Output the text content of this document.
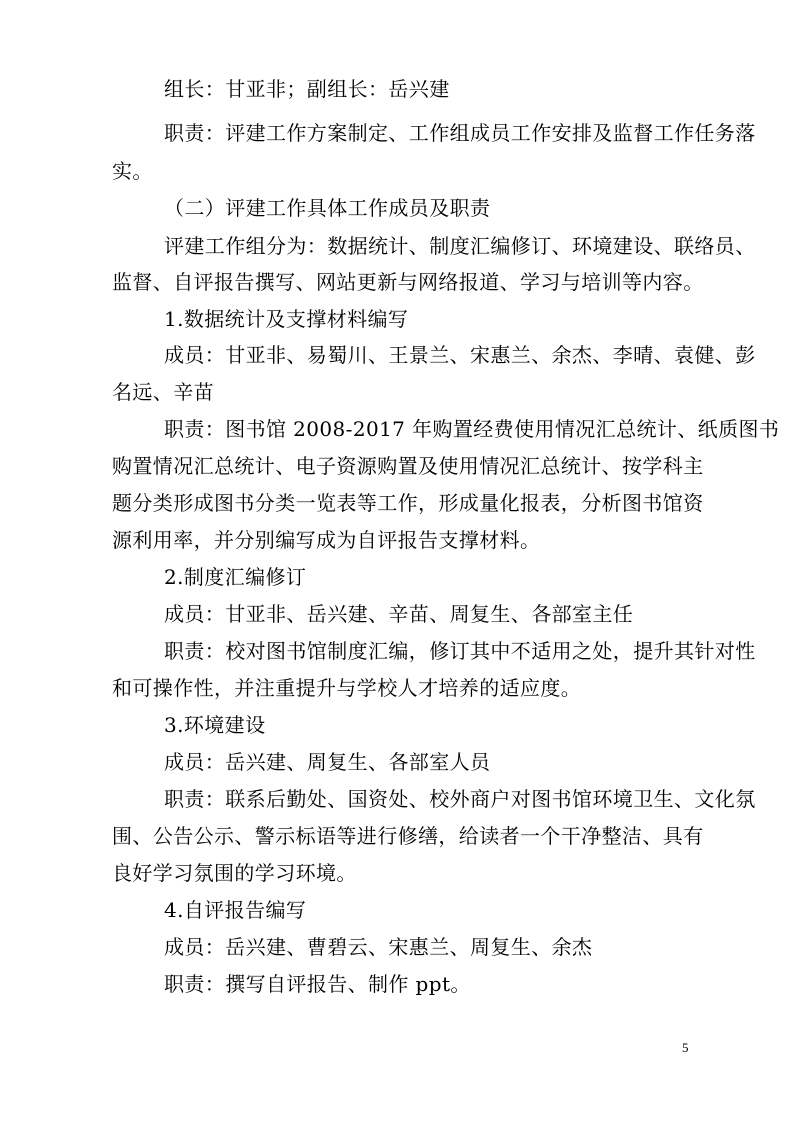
组长：甘亚非；副组长：岳兴建
职责：评建工作方案制定、工作组成员工作安排及监督工作任务落
实。
（二）评建工作具体工作成员及职责
评建工作组分为：数据统计、制度汇编修订、环境建设、联络员、
监督、自评报告撰写、网站更新与网络报道、学习与培训等内容。
1.数据统计及支撑材料编写
成员：甘亚非、易蜀川、王景兰、宋惠兰、余杰、李晴、袁健、彭
名远、辛苗
职责：图书馆 2008-2017 年购置经费使用情况汇总统计、纸质图书
购置情况汇总统计、电子资源购置及使用情况汇总统计、按学科主
题分类形成图书分类一览表等工作，形成量化报表，分析图书馆资
源利用率，并分别编写成为自评报告支撑材料。
2.制度汇编修订
成员：甘亚非、岳兴建、辛苗、周复生、各部室主任
职责：校对图书馆制度汇编，修订其中不适用之处，提升其针对性
和可操作性，并注重提升与学校人才培养的适应度。
3.环境建设
成员：岳兴建、周复生、各部室人员
职责：联系后勤处、国资处、校外商户对图书馆环境卫生、文化氛
围、公告公示、警示标语等进行修缮，给读者一个干净整洁、具有
良好学习氛围的学习环境。
4.自评报告编写
成员：岳兴建、曹碧云、宋惠兰、周复生、余杰
职责：撰写自评报告、制作 ppt。
5
